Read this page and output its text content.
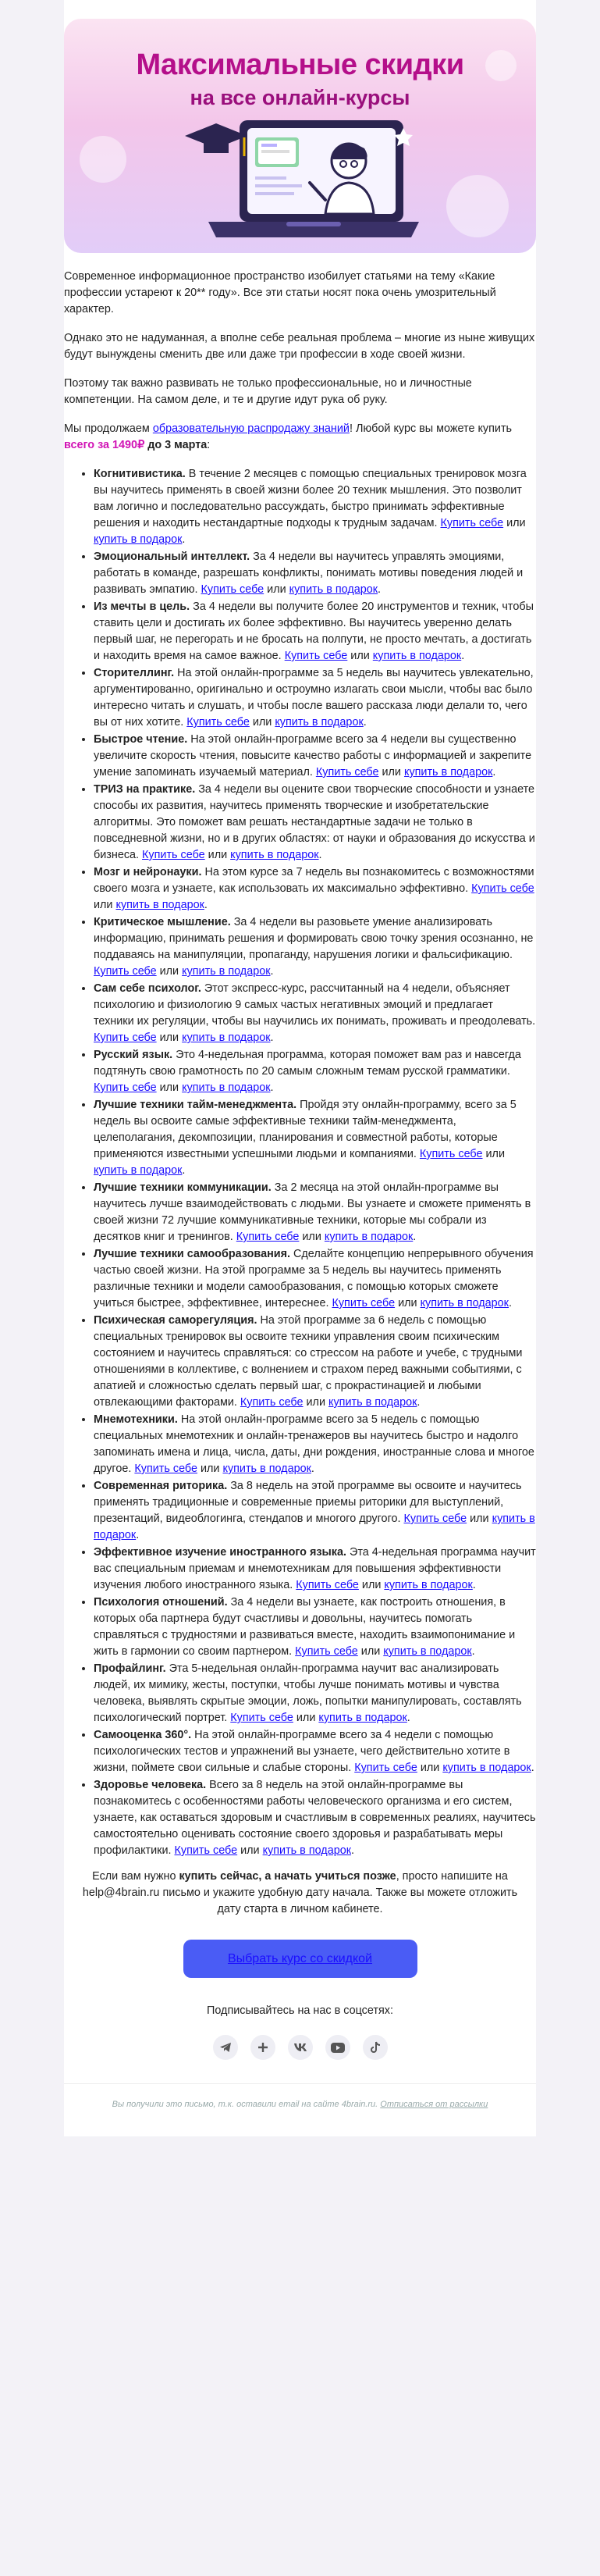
Максимальные скидки
на все онлайн-курсы

Современное информационное пространство изобилует статьями на тему «Какие профессии устареют к 20** году». Все эти статьи носят пока очень умозрительный характер.

Однако это не надуманная, а вполне себе реальная проблема – многие из ныне живущих будут вынуждены сменить две или даже три профессии в ходе своей жизни.

Поэтому так важно развивать не только профессиональные, но и личностные компетенции. На самом деле, и те и другие идут рука об руку.

Мы продолжаем образовательную распродажу знаний! Любой курс вы можете купить всего за 1490₽ до 3 марта:

• Когнитивистика. В течение 2 месяцев с помощью специальных тренировок мозга вы научитесь применять в своей жизни более 20 техник мышления. Это позволит вам логично и последовательно рассуждать, быстро принимать эффективные решения и находить нестандартные подходы к трудным задачам. Купить себе или купить в подарок.
• Эмоциональный интеллект. За 4 недели вы научитесь управлять эмоциями, работать в команде, разрешать конфликты, понимать мотивы поведения людей и развивать эмпатию. Купить себе или купить в подарок.
• Из мечты в цель. За 4 недели вы получите более 20 инструментов и техник, чтобы ставить цели и достигать их более эффективно. Вы научитесь уверенно делать первый шаг, не перегорать и не бросать на полпути, не просто мечтать, а достигать и находить время на самое важное. Купить себе или купить в подарок.
• Сторителлинг. На этой онлайн-программе за 5 недель вы научитесь увлекательно, аргументированно, оригинально и остроумно излагать свои мысли, чтобы вас было интересно читать и слушать, и чтобы после вашего рассказа люди делали то, чего вы от них хотите. Купить себе или купить в подарок.
• Быстрое чтение. На этой онлайн-программе всего за 4 недели вы существенно увеличите скорость чтения, повысите качество работы с информацией и закрепите умение запоминать изучаемый материал. Купить себе или купить в подарок.
• ТРИЗ на практике. За 4 недели вы оцените свои творческие способности и узнаете способы их развития, научитесь применять творческие и изобретательские алгоритмы. Это поможет вам решать нестандартные задачи не только в повседневной жизни, но и в других областях: от науки и образования до искусства и бизнеса. Купить себе или купить в подарок.
• Мозг и нейронауки. На этом курсе за 7 недель вы познакомитесь с возможностями своего мозга и узнаете, как использовать их максимально эффективно. Купить себе или купить в подарок.
• Критическое мышление. За 4 недели вы разовьете умение анализировать информацию, принимать решения и формировать свою точку зрения осознанно, не поддаваясь на манипуляции, пропаганду, нарушения логики и фальсификацию. Купить себе или купить в подарок.
• Сам себе психолог. Этот экспресс-курс, рассчитанный на 4 недели, объясняет психологию и физиологию 9 самых частых негативных эмоций и предлагает техники их регуляции, чтобы вы научились их понимать, проживать и преодолевать. Купить себе или купить в подарок.
• Русский язык. Это 4-недельная программа, которая поможет вам раз и навсегда подтянуть свою грамотность по 20 самым сложным темам русской грамматики. Купить себе или купить в подарок.
• Лучшие техники тайм-менеджмента. Пройдя эту онлайн-программу, всего за 5 недель вы освоите самые эффективные техники тайм-менеджмента, целеполагания, декомпозиции, планирования и совместной работы, которые применяются известными успешными людьми и компаниями. Купить себе или купить в подарок.
• Лучшие техники коммуникации. За 2 месяца на этой онлайн-программе вы научитесь лучше взаимодействовать с людьми. Вы узнаете и сможете применять в своей жизни 72 лучшие коммуникативные техники, которые мы собрали из десятков книг и тренингов. Купить себе или купить в подарок.
• Лучшие техники самообразования. Сделайте концепцию непрерывного обучения частью своей жизни. На этой программе за 5 недель вы научитесь применять различные техники и модели самообразования, с помощью которых сможете учиться быстрее, эффективнее, интереснее. Купить себе или купить в подарок.
• Психическая саморегуляция. На этой программе за 6 недель с помощью специальных тренировок вы освоите техники управления своим психическим состоянием и научитесь справляться: со стрессом на работе и учебе, с трудными отношениями в коллективе, с волнением и страхом перед важными событиями, с апатией и сложностью сделать первый шаг, с прокрастинацией и любыми отвлекающими факторами. Купить себе или купить в подарок.
• Мнемотехники. На этой онлайн-программе всего за 5 недель с помощью специальных мнемотехник и онлайн-тренажеров вы научитесь быстро и надолго запоминать имена и лица, числа, даты, дни рождения, иностранные слова и многое другое. Купить себе или купить в подарок.
• Современная риторика. За 8 недель на этой программе вы освоите и научитесь применять традиционные и современные приемы риторики для выступлений, презентаций, видеоблогинга, стендапов и многого другого. Купить себе или купить в подарок.
• Эффективное изучение иностранного языка. Эта 4-недельная программа научит вас специальным приемам и мнемотехникам для повышения эффективности изучения любого иностранного языка. Купить себе или купить в подарок.
• Психология отношений. За 4 недели вы узнаете, как построить отношения, в которых оба партнера будут счастливы и довольны, научитесь помогать справляться с трудностями и развиваться вместе, находить взаимопонимание и жить в гармонии со своим партнером. Купить себе или купить в подарок.
• Профайлинг. Эта 5-недельная онлайн-программа научит вас анализировать людей, их мимику, жесты, поступки, чтобы лучше понимать мотивы и чувства человека, выявлять скрытые эмоции, ложь, попытки манипулировать, составлять психологический портрет. Купить себе или купить в подарок.
• Самооценка 360°. На этой онлайн-программе всего за 4 недели с помощью психологических тестов и упражнений вы узнаете, чего действительно хотите в жизни, поймете свои сильные и слабые стороны. Купить себе или купить в подарок.
• Здоровье человека. Всего за 8 недель на этой онлайн-программе вы познакомитесь с особенностями работы человеческого организма и его систем, узнаете, как оставаться здоровым и счастливым в современных реалиях, научитесь самостоятельно оценивать состояние своего здоровья и разрабатывать меры профилактики. Купить себе или купить в подарок.

Если вам нужно купить сейчас, а начать учиться позже, просто напишите на help@4brain.ru письмо и укажите удобную дату начала. Также вы можете отложить дату старта в личном кабинете.

Выбрать курс со скидкой
Подписывайтесь на нас в соцсетях:
Вы получили это письмо, т.к. оставили email на сайте 4brain.ru. Отписаться от рассылки
